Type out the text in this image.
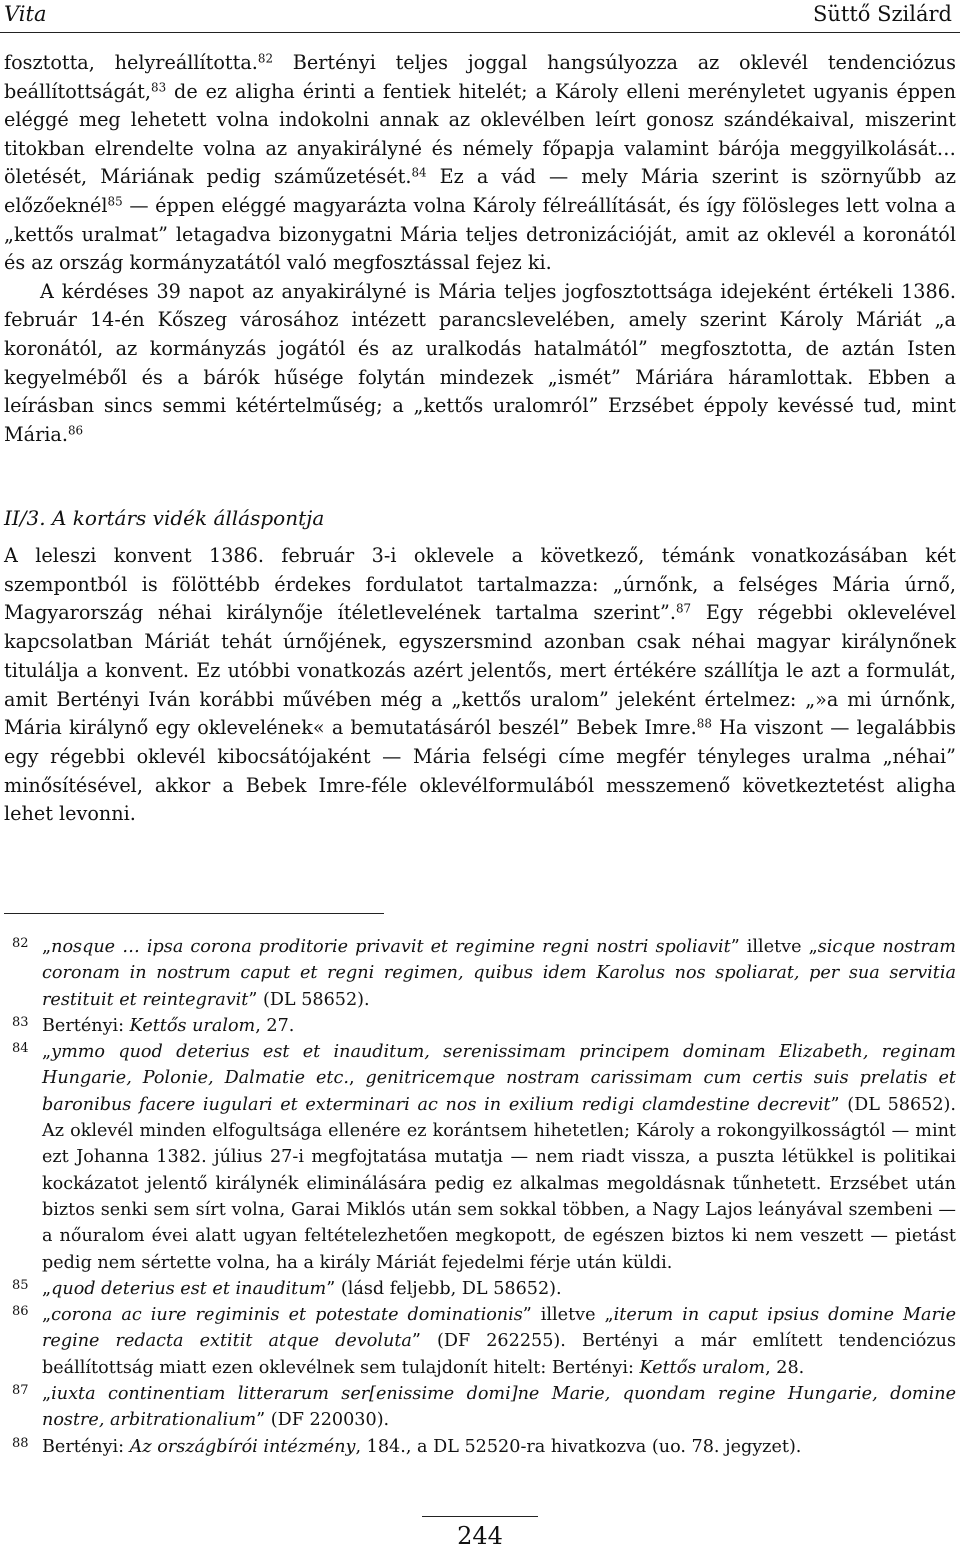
Vita	Süttő Szilárd

fosztotta, helyreállította.$^{82}$ Bertényi teljes joggal hangsúlyozza az oklevél tendenciózus beállítottságát,$^{83}$ de ez aligha érinti a fentiek hitelét; a Károly elleni merényletet ugyanis éppen eléggé meg lehetett volna indokolni annak az oklevélben leírt gonosz szándékaival, miszerint titokban elrendelte volna az anyakirályné és némely főpapja valamint bárója meggyilkolását… öletését, Máriának pedig száműzetését.$^{84}$ Ez a vád — mely Mária szerint is szörnyűbb az előzőeknél$^{85}$ — éppen eléggé magyarázta volna Károly félreállítását, és így fölösleges lett volna a „kettős uralmat” letagadva bizonygatni Mária teljes detronizációját, amit az oklevél a koronától és az ország kormányzatától való megfosztással fejez ki.

A kérdéses 39 napot az anyakirályné is Mária teljes jogfosztottsága idejeként értékeli 1386. február 14-én Kőszeg városához intézett parancslevelében, amely szerint Károly Máriát „a koronától, az kormányzás jogától és az uralkodás hatalmától” megfosztotta, de aztán Isten kegyelméből és a bárók hűsége folytán mindezek „ismét” Máriára háramlottak. Ebben a leírásban sincs semmi kétértelműség; a „kettős uralomról” Erzsébet éppoly kevéssé tud, mint Mária.$^{86}$

II/3. A kortárs vidék álláspontja

A leleszi konvent 1386. február 3-i oklevele a következő, témánk vonatkozásában két szempontból is fölöttébb érdekes fordulatot tartalmazza: „úrnőnk, a felséges Mária úrnő, Magyarország néhai királynője ítéletlevelének tartalma szerint”.$^{87}$ Egy régebbi oklevelével kapcsolatban Máriát tehát úrnőjének, egyszersmind azonban csak néhai magyar királynőnek titulálja a konvent. Ez utóbbi vonatkozás azért jelentős, mert értékére szállítja le azt a formulát, amit Bertényi Iván korábbi művében még a „kettős uralom” jeleként értelmez: „»a mi úrnőnk, Mária királynő egy oklevelének« a bemutatásáról beszél” Bebek Imre.$^{88}$ Ha viszont — legalábbis egy régebbi oklevél kibocsátójaként — Mária felségi címe megfér tényleges uralma „néhai” minősítésével, akkor a Bebek Imre-féle oklevélformulából messzemenő következtetést aligha lehet levonni.

82 „nosque … ipsa corona proditorie privavit et regimine regni nostri spoliavit” illetve „sicque nostram coronam in nostrum caput et regni regimen, quibus idem Karolus nos spoliarat, per sua servitia restituit et reintegravit” (DL 58652).
83 Bertényi: Kettős uralom, 27.
84 „ymmo quod deterius est et inauditum, serenissimam principem dominam Elizabeth, reginam Hungarie, Polonie, Dalmatie etc., genitricemque nostram carissimam cum certis suis prelatis et baronibus facere iugulari et exterminari ac nos in exilium redigi clamdestine decrevit” (DL 58652). Az oklevél minden elfogultsága ellenére ez korántsem hihetetlen; Károly a rokongyilkosságtól — mint ezt Johanna 1382. július 27-i megfojtatása mutatja — nem riadt vissza, a puszta létükkel is politikai kockázatot jelentő királynék eliminálására pedig ez alkalmas megoldásnak tűnhetett. Erzsébet után biztos senki sem sírt volna, Garai Miklós után sem sokkal többen, a Nagy Lajos leányával szembeni — a nőuralom évei alatt ugyan feltételezhetően megkopott, de egészen biztos ki nem veszett — pietást pedig nem sértette volna, ha a király Máriát fejedelmi férje után küldi.
85 „quod deterius est et inauditum” (lásd feljebb, DL 58652).
86 „corona ac iure regiminis et potestate dominationis” illetve „iterum in caput ipsius domine Marie regine redacta extitit atque devoluta” (DF 262255). Bertényi a már említett tendenciózus beállítottság miatt ezen oklevélnek sem tulajdonít hitelt: Bertényi: Kettős uralom, 28.
87 „iuxta continentiam litterarum ser[enissime domi]ne Marie, quondam regine Hungarie, domine nostre, arbitrationalium” (DF 220030).
88 Bertényi: Az országbírói intézmény, 184., a DL 52520-ra hivatkozva (uo. 78. jegyzet).
244
